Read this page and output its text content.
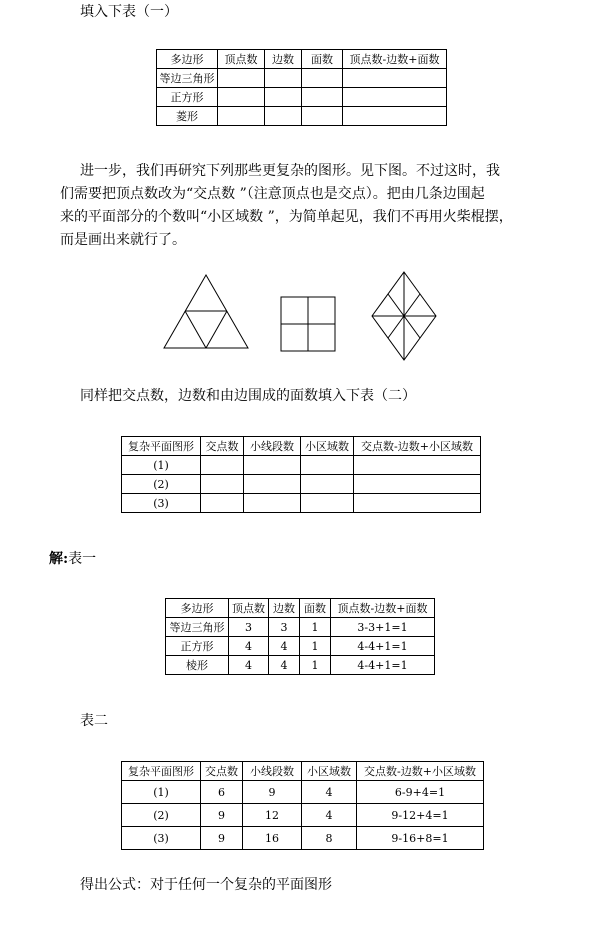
填入下表（一）
多边形	顶点数	边数	面数	顶点数-边数+面数
等边三角形				
正方形				
菱形				
进一步，我们再研究下列那些更复杂的图形。见下图。不过这时，我
们需要把顶点数改为“交点数 ”（注意顶点也是交点）。把由几条边围起
来的平面部分的个数叫“小区域数 ”，为简单起见，我们不再用火柴棍摆，
而是画出来就行了。
同样把交点数，边数和由边围成的面数填入下表（二）
复杂平面图形	交点数	小线段数	小区域数	交点数-边数+小区域数
(1)				
(2)				
(3)				
解:表一
多边形	顶点数	边数	面数	顶点数-边数+面数
等边三角形	3	3	1	3-3+1=1
正方形	4	4	1	4-4+1=1
棱形	4	4	1	4-4+1=1
表二
复杂平面图形	交点数	小线段数	小区域数	交点数-边数+小区域数
(1)	6	9	4	6-9+4=1
(2)	9	12	4	9-12+4=1
(3)	9	16	8	9-16+8=1
得出公式：对于任何一个复杂的平面图形
